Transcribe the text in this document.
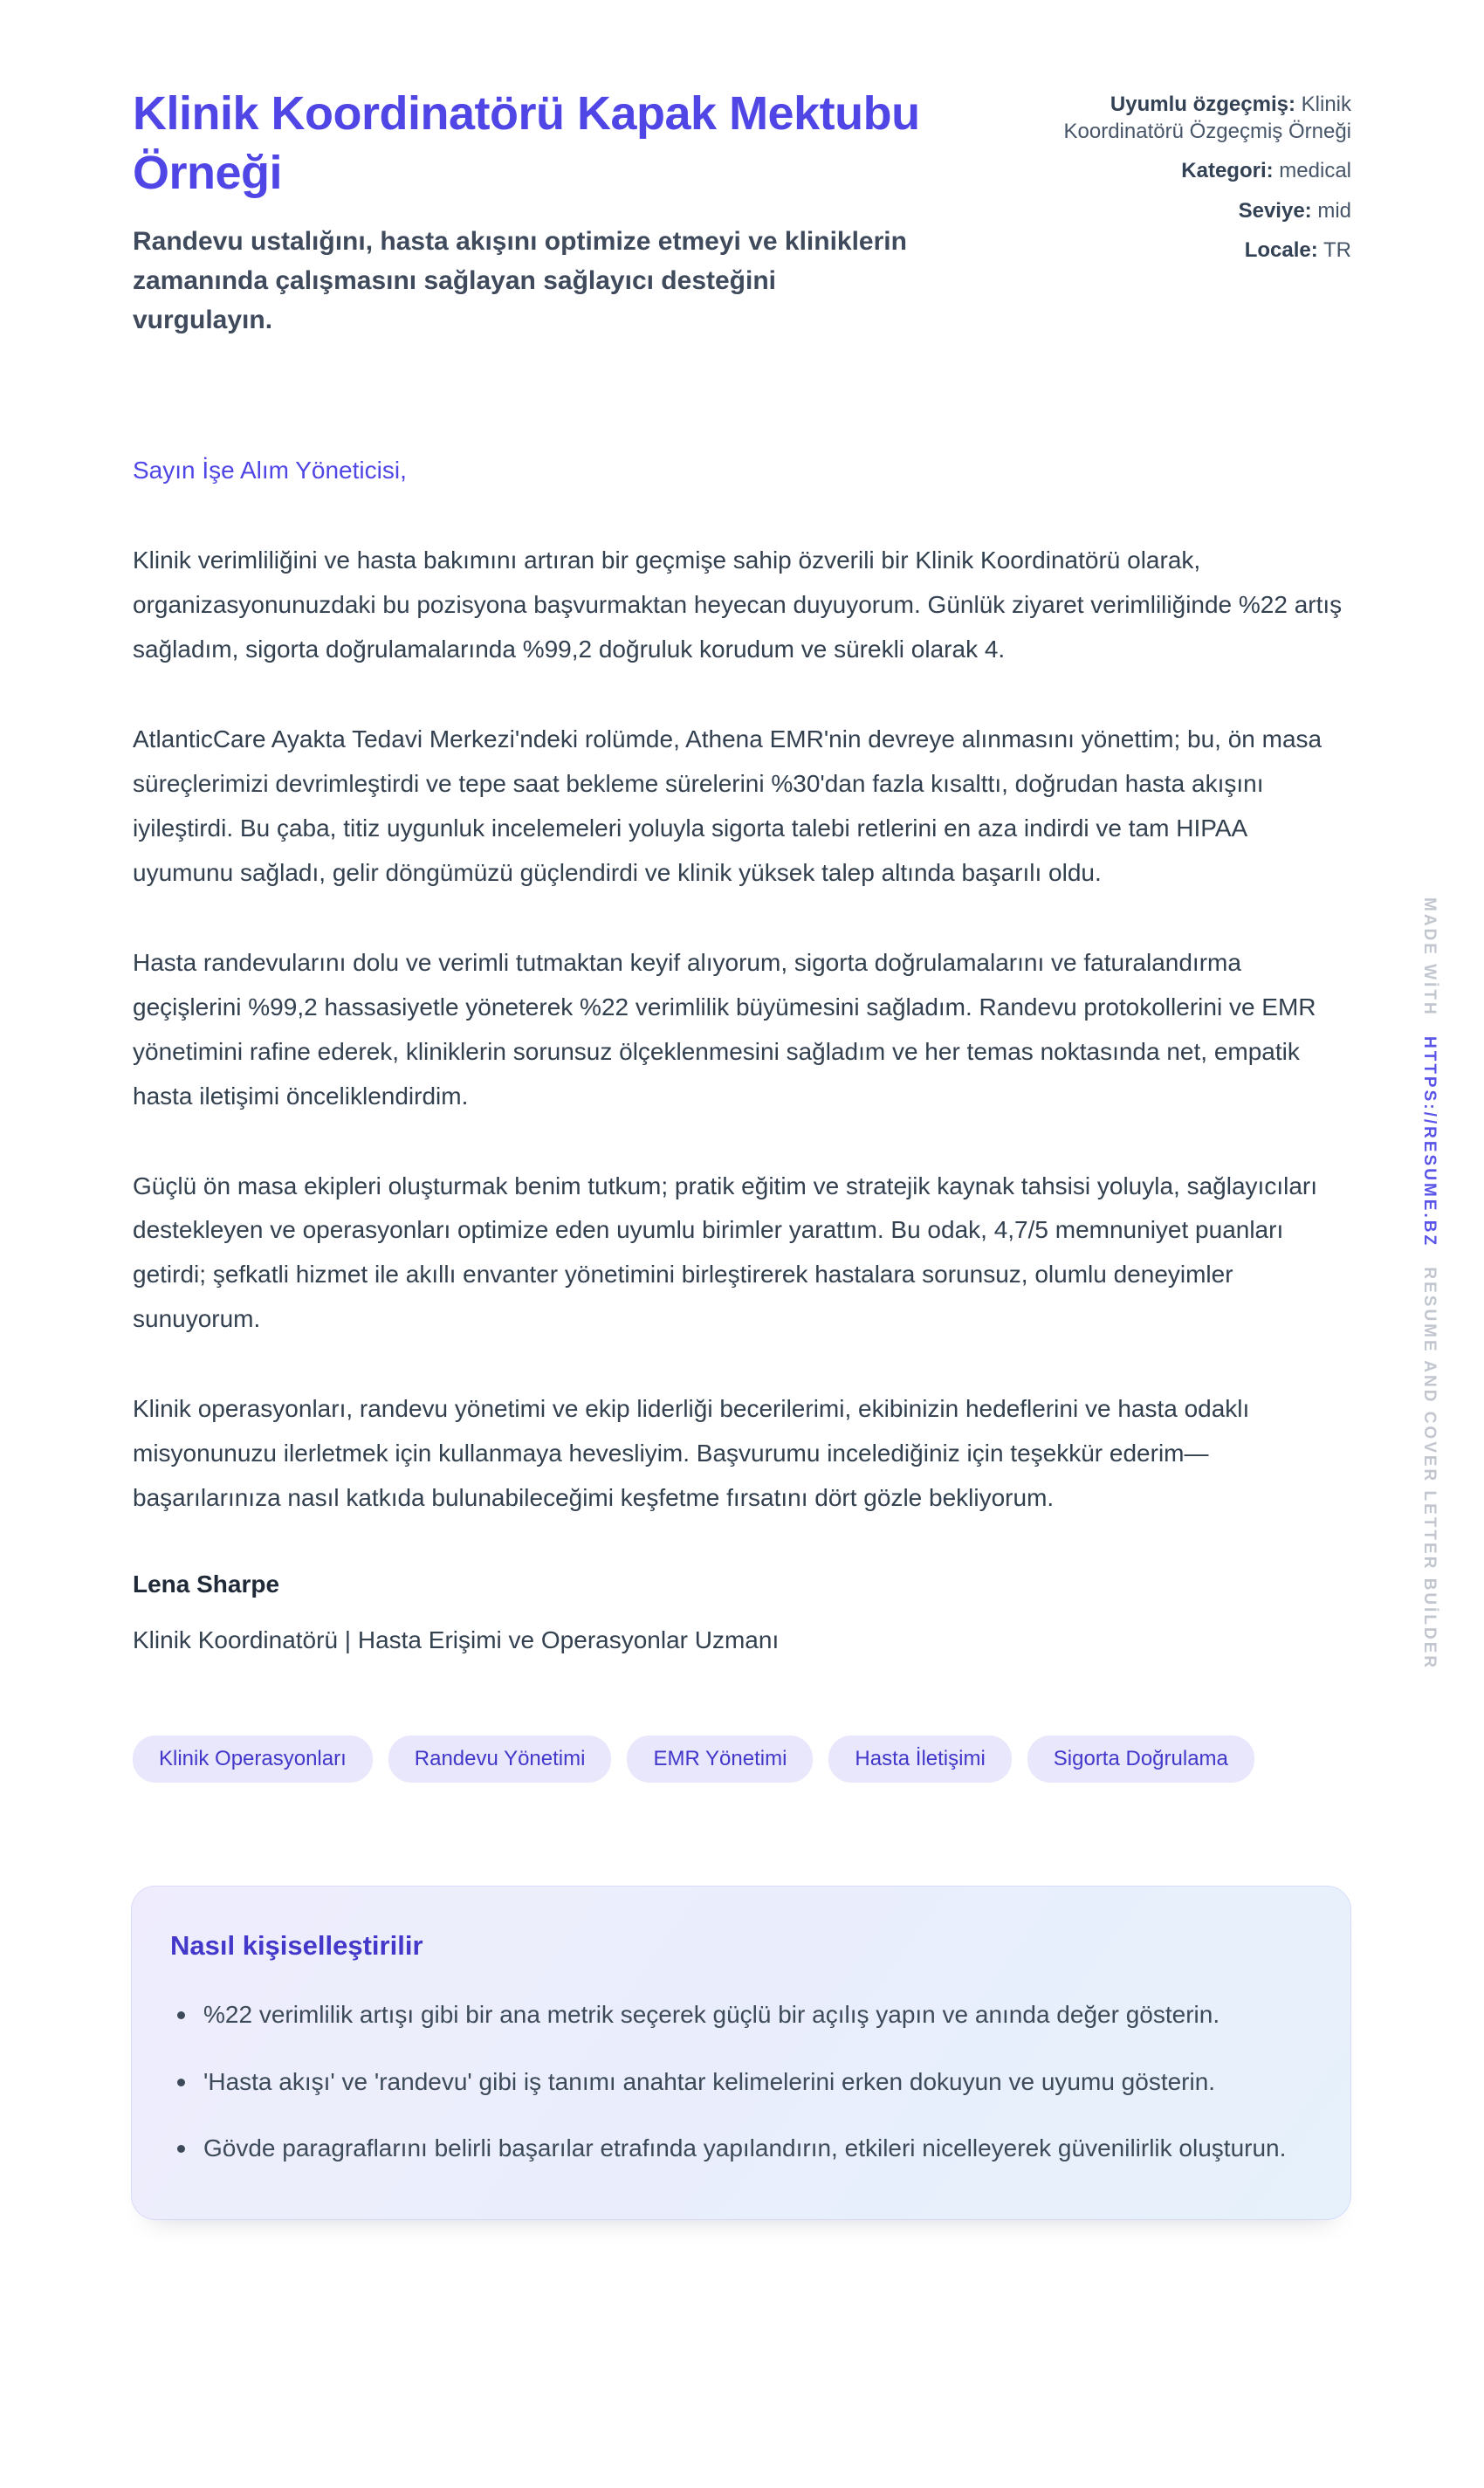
Klinik Koordinatörü Kapak Mektubu Örneği

Randevu ustalığını, hasta akışını optimize etmeyi ve kliniklerin zamanında çalışmasını sağlayan sağlayıcı desteğini vurgulayın.

Uyumlu özgeçmiş: Klinik Koordinatörü Özgeçmiş Örneği
Kategori: medical
Seviye: mid
Locale: TR

Sayın İşe Alım Yöneticisi,

Klinik verimliliğini ve hasta bakımını artıran bir geçmişe sahip özverili bir Klinik Koordinatörü olarak, organizasyonunuzdaki bu pozisyona başvurmaktan heyecan duyuyorum. Günlük ziyaret verimliliğinde %22 artış sağladım, sigorta doğrulamalarında %99,2 doğruluk korudum ve sürekli olarak 4.

AtlanticCare Ayakta Tedavi Merkezi'ndeki rolümde, Athena EMR'nin devreye alınmasını yönettim; bu, ön masa süreçlerimizi devrimleştirdi ve tepe saat bekleme sürelerini %30'dan fazla kısalttı, doğrudan hasta akışını iyileştirdi. Bu çaba, titiz uygunluk incelemeleri yoluyla sigorta talebi retlerini en aza indirdi ve tam HIPAA uyumunu sağladı, gelir döngümüzü güçlendirdi ve klinik yüksek talep altında başarılı oldu.

Hasta randevularını dolu ve verimli tutmaktan keyif alıyorum, sigorta doğrulamalarını ve faturalandırma geçişlerini %99,2 hassasiyetle yöneterek %22 verimlilik büyümesini sağladım. Randevu protokollerini ve EMR yönetimini rafine ederek, kliniklerin sorunsuz ölçeklenmesini sağladım ve her temas noktasında net, empatik hasta iletişimi önceliklendirdim.

Güçlü ön masa ekipleri oluşturmak benim tutkum; pratik eğitim ve stratejik kaynak tahsisi yoluyla, sağlayıcıları destekleyen ve operasyonları optimize eden uyumlu birimler yarattım. Bu odak, 4,7/5 memnuniyet puanları getirdi; şefkatli hizmet ile akıllı envanter yönetimini birleştirerek hastalara sorunsuz, olumlu deneyimler sunuyorum.

Klinik operasyonları, randevu yönetimi ve ekip liderliği becerilerimi, ekibinizin hedeflerini ve hasta odaklı misyonunuzu ilerletmek için kullanmaya hevesliyim. Başvurumu incelediğiniz için teşekkür ederim—başarılarınıza nasıl katkıda bulunabileceğimi keşfetme fırsatını dört gözle bekliyorum.

Lena Sharpe

Klinik Koordinatörü | Hasta Erişimi ve Operasyonlar Uzmanı

Klinik Operasyonları	Randevu Yönetimi	EMR Yönetimi	Hasta İletişimi	Sigorta Doğrulama
Nasıl kişiselleştirilir
%22 verimlilik artışı gibi bir ana metrik seçerek güçlü bir açılış yapın ve anında değer gösterin.
'Hasta akışı' ve 'randevu' gibi iş tanımı anahtar kelimelerini erken dokuyun ve uyumu gösterin.
Gövde paragraflarını belirli başarılar etrafında yapılandırın, etkileri nicelleyerek güvenilirlik oluşturun.
MADE WİTH HTTPS://RESUME.BZ RESUME AND COVER LETTER BUİLDER
